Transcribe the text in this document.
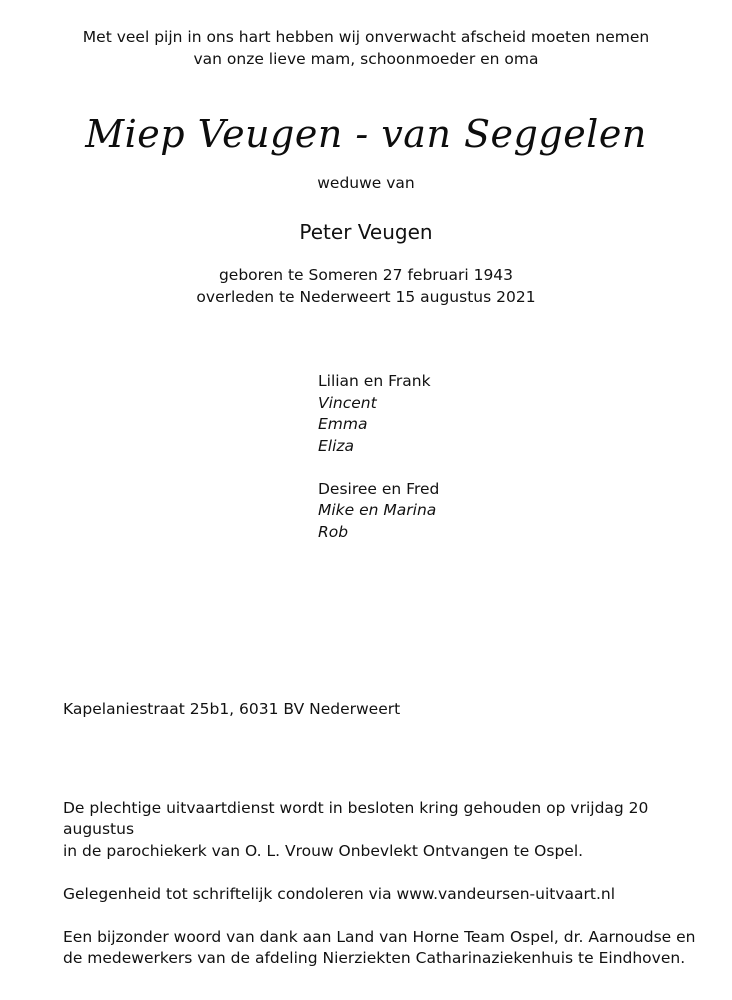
Met veel pijn in ons hart hebben wij onverwacht afscheid moeten nemen
van onze lieve mam, schoonmoeder en oma
Miep Veugen - van Seggelen
weduwe van
Peter Veugen
geboren te Someren 27 februari 1943
overleden te Nederweert 15 augustus 2021
Lilian en Frank
Vincent
Emma
Eliza
Desiree en Fred
Mike en Marina
Rob
Kapelaniestraat 25b1, 6031 BV Nederweert

De plechtige uitvaartdienst wordt in besloten kring gehouden op vrijdag 20 augustus
in de parochiekerk van O. L. Vrouw Onbevlekt Ontvangen te Ospel.

Gelegenheid tot schriftelijk condoleren via www.vandeursen-uitvaart.nl

Een bijzonder woord van dank aan Land van Horne Team Ospel, dr. Aarnoudse en
de medewerkers van de afdeling Nierziekten Catharinaziekenhuis te Eindhoven.
